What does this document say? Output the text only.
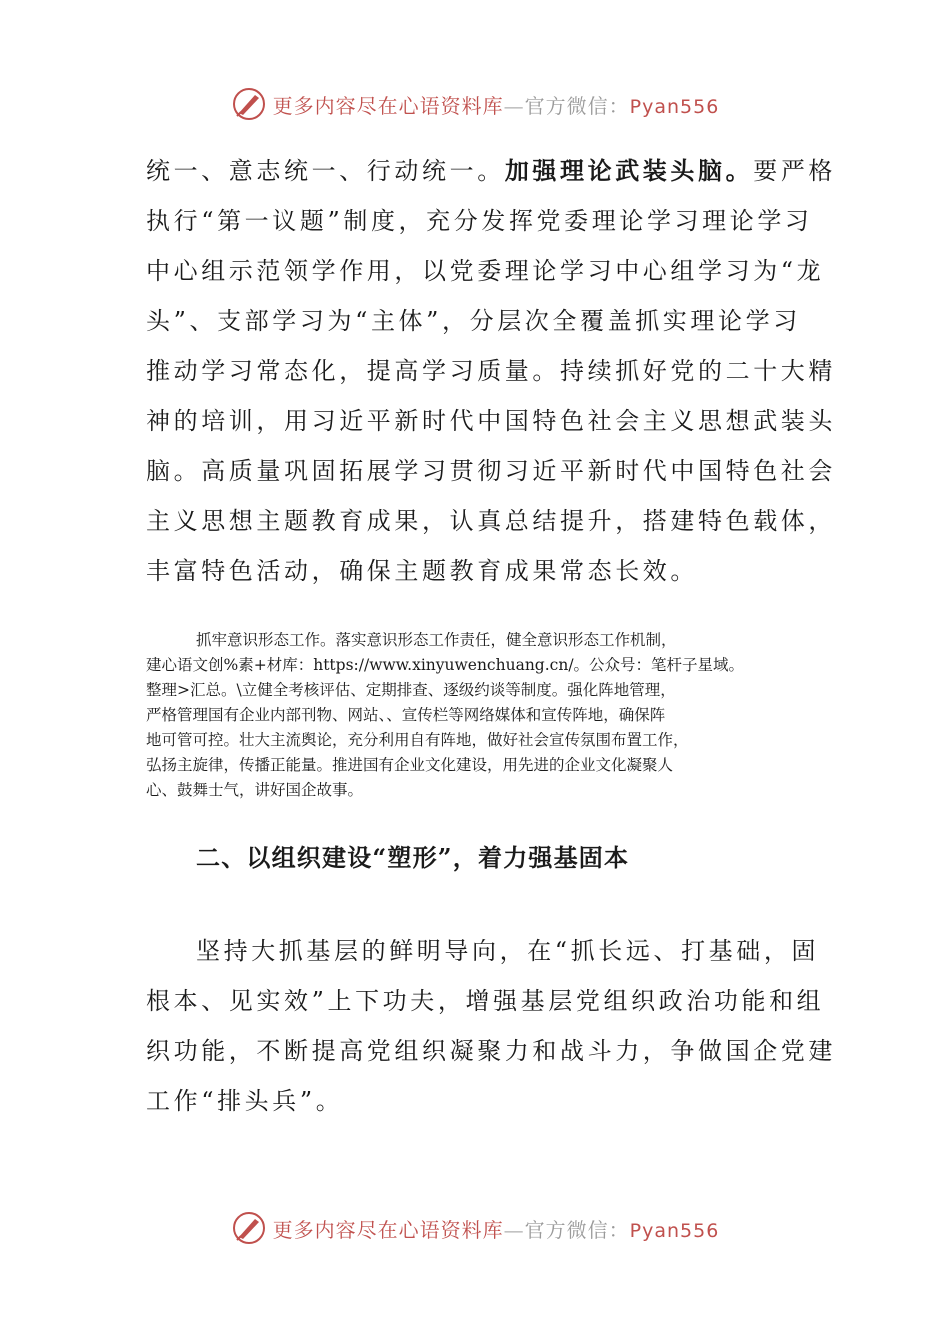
更多内容尽在心语资料库—官方微信：Pyan556
统一、意志统一、行动统一。加强理论武装头脑。要严格
执行“第一议题”制度，充分发挥党委理论学习理论学习
中心组示范领学作用，以党委理论学习中心组学习为“龙
头”、支部学习为“主体”，分层次全覆盖抓实理论学习
推动学习常态化，提高学习质量。持续抓好党的二十大精
神的培训，用习近平新时代中国特色社会主义思想武装头
脑。高质量巩固拓展学习贯彻习近平新时代中国特色社会
主义思想主题教育成果，认真总结提升，搭建特色载体，
丰富特色活动，确保主题教育成果常态长效。
抓牢意识形态工作。落实意识形态工作责任，健全意识形态工作机制，
建心语文创%素+材库：https://www.xinyuwenchuang.cn/。公众号：笔杆子星域。
整理>汇总。\立健全考核评估、定期排查、逐级约谈等制度。强化阵地管理，
严格管理国有企业内部刊物、网站、、宣传栏等网络媒体和宣传阵地，确保阵
地可管可控。壮大主流舆论，充分利用自有阵地，做好社会宣传氛围布置工作，
弘扬主旋律，传播正能量。推进国有企业文化建设，用先进的企业文化凝聚人
心、鼓舞士气，讲好国企故事。
二、以组织建设“塑形”，着力强基固本
坚持大抓基层的鲜明导向，在“抓长远、打基础，固
根本、见实效”上下功夫，增强基层党组织政治功能和组
织功能，不断提高党组织凝聚力和战斗力，争做国企党建
工作“排头兵”。
更多内容尽在心语资料库—官方微信：Pyan556
